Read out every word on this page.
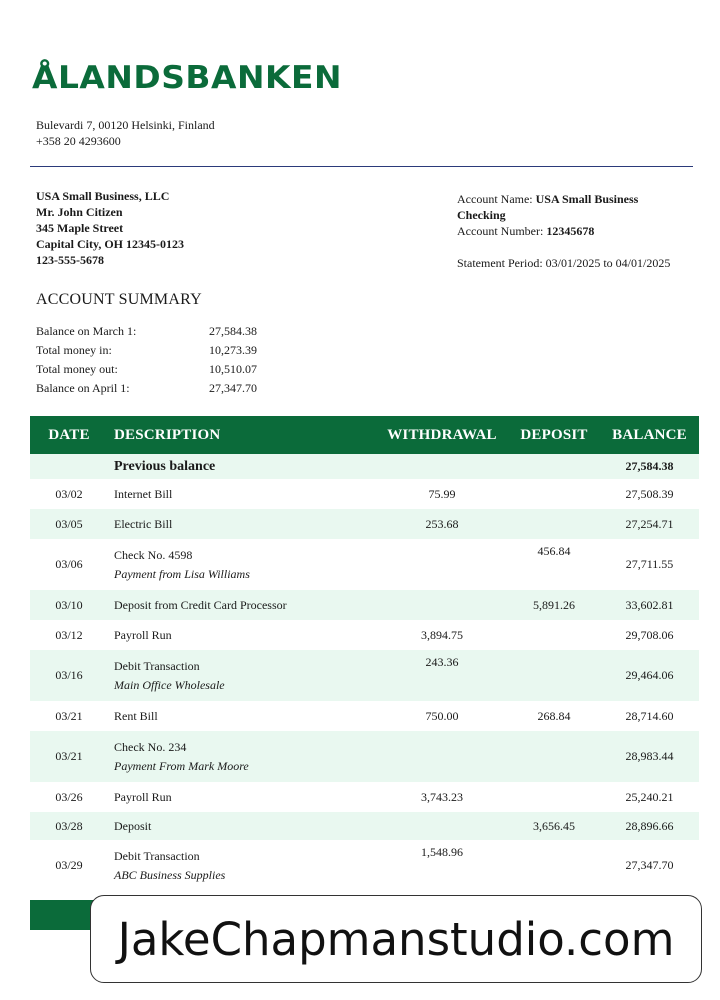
ÅLANDSBANKEN
Bulevardi 7, 00120 Helsinki, Finland
+358 20 4293600
USA Small Business, LLC
Mr. John Citizen
345 Maple Street
Capital City, OH 12345-0123
123-555-5678
Account Name: USA Small Business Checking
Account Number: 12345678
Statement Period: 03/01/2025 to 04/01/2025
ACCOUNT SUMMARY
Balance on March 1:	27,584.38
Total money in:	10,273.39
Total money out:	10,510.07
Balance on April 1:	27,347.70
DATE	DESCRIPTION	WITHDRAWAL	DEPOSIT	BALANCE
	Previous balance			27,584.38
03/02	Internet Bill	75.99		27,508.39
03/05	Electric Bill	253.68		27,254.71
03/06	Check No. 4598
Payment from Lisa Williams		456.84	27,711.55
03/10	Deposit from Credit Card Processor		5,891.26	33,602.81
03/12	Payroll Run	3,894.75		29,708.06
03/16	Debit Transaction
Main Office Wholesale	243.36		29,464.06
03/21	Rent Bill	750.00	268.84	28,714.60
03/21	Check No. 234
Payment From Mark Moore			28,983.44
03/26	Payroll Run	3,743.23		25,240.21
03/28	Deposit		3,656.45	28,896.66
03/29	Debit Transaction
ABC Business Supplies	1,548.96		27,347.70
JakeChapmanstudio.com
